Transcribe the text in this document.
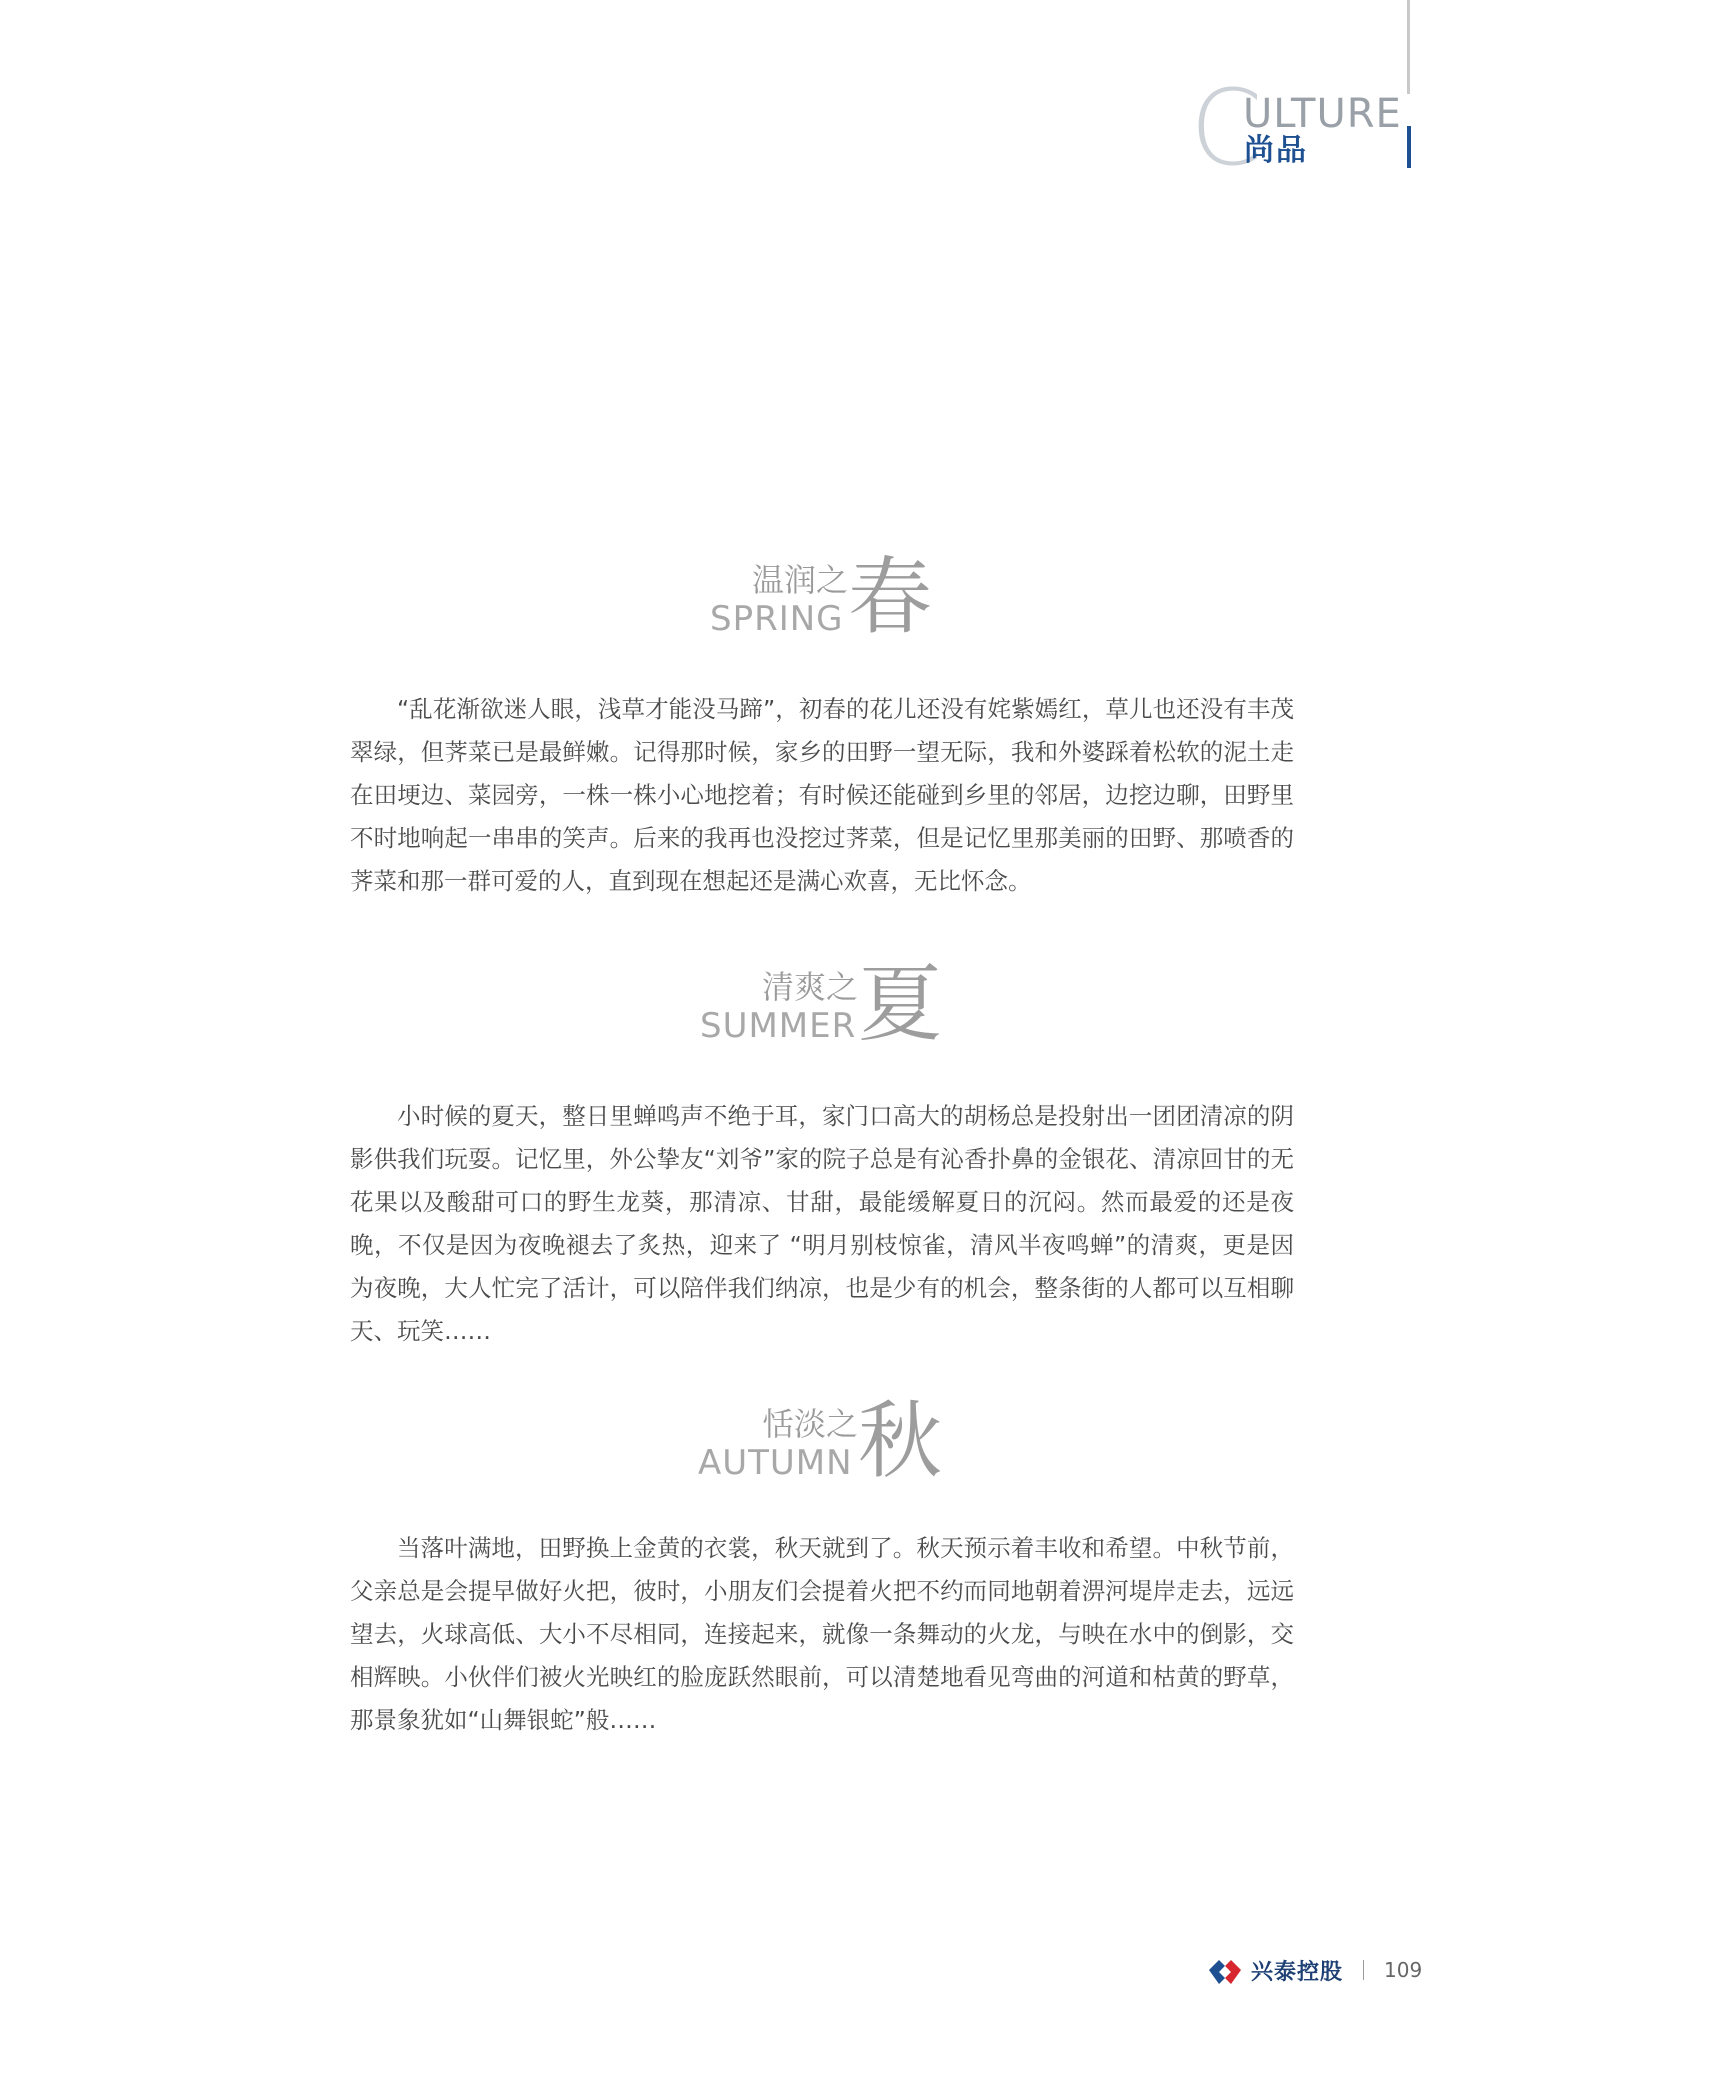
C
ULTURE
尚品
温润之
SPRING 春

“乱花渐欲迷人眼，浅草才能没马蹄”，初春的花儿还没有姹紫嫣红，草儿也还没有丰茂翠绿，但荠菜已是最鲜嫩。记得那时候，家乡的田野一望无际，我和外婆踩着松软的泥土走在田埂边、菜园旁，一株一株小心地挖着；有时候还能碰到乡里的邻居，边挖边聊，田野里不时地响起一串串的笑声。后来的我再也没挖过荠菜，但是记忆里那美丽的田野、那喷香的荠菜和那一群可爱的人，直到现在想起还是满心欢喜，无比怀念。

清爽之
SUMMER 夏

小时候的夏天，整日里蝉鸣声不绝于耳，家门口高大的胡杨总是投射出一团团清凉的阴影供我们玩耍。记忆里，外公挚友“刘爷”家的院子总是有沁香扑鼻的金银花、清凉回甘的无花果以及酸甜可口的野生龙葵，那清凉、甘甜，最能缓解夏日的沉闷。然而最爱的还是夜晚，不仅是因为夜晚褪去了炙热，迎来了 “明月别枝惊雀，清风半夜鸣蝉”的清爽，更是因为夜晚，大人忙完了活计，可以陪伴我们纳凉，也是少有的机会，整条街的人都可以互相聊天、玩笑……

恬淡之
AUTUMN 秋

当落叶满地，田野换上金黄的衣裳，秋天就到了。秋天预示着丰收和希望。中秋节前，父亲总是会提早做好火把，彼时，小朋友们会提着火把不约而同地朝着淠河堤岸走去，远远望去，火球高低、大小不尽相同，连接起来，就像一条舞动的火龙，与映在水中的倒影，交相辉映。小伙伴们被火光映红的脸庞跃然眼前，可以清楚地看见弯曲的河道和枯黄的野草，那景象犹如“山舞银蛇”般……

兴泰控股 109
